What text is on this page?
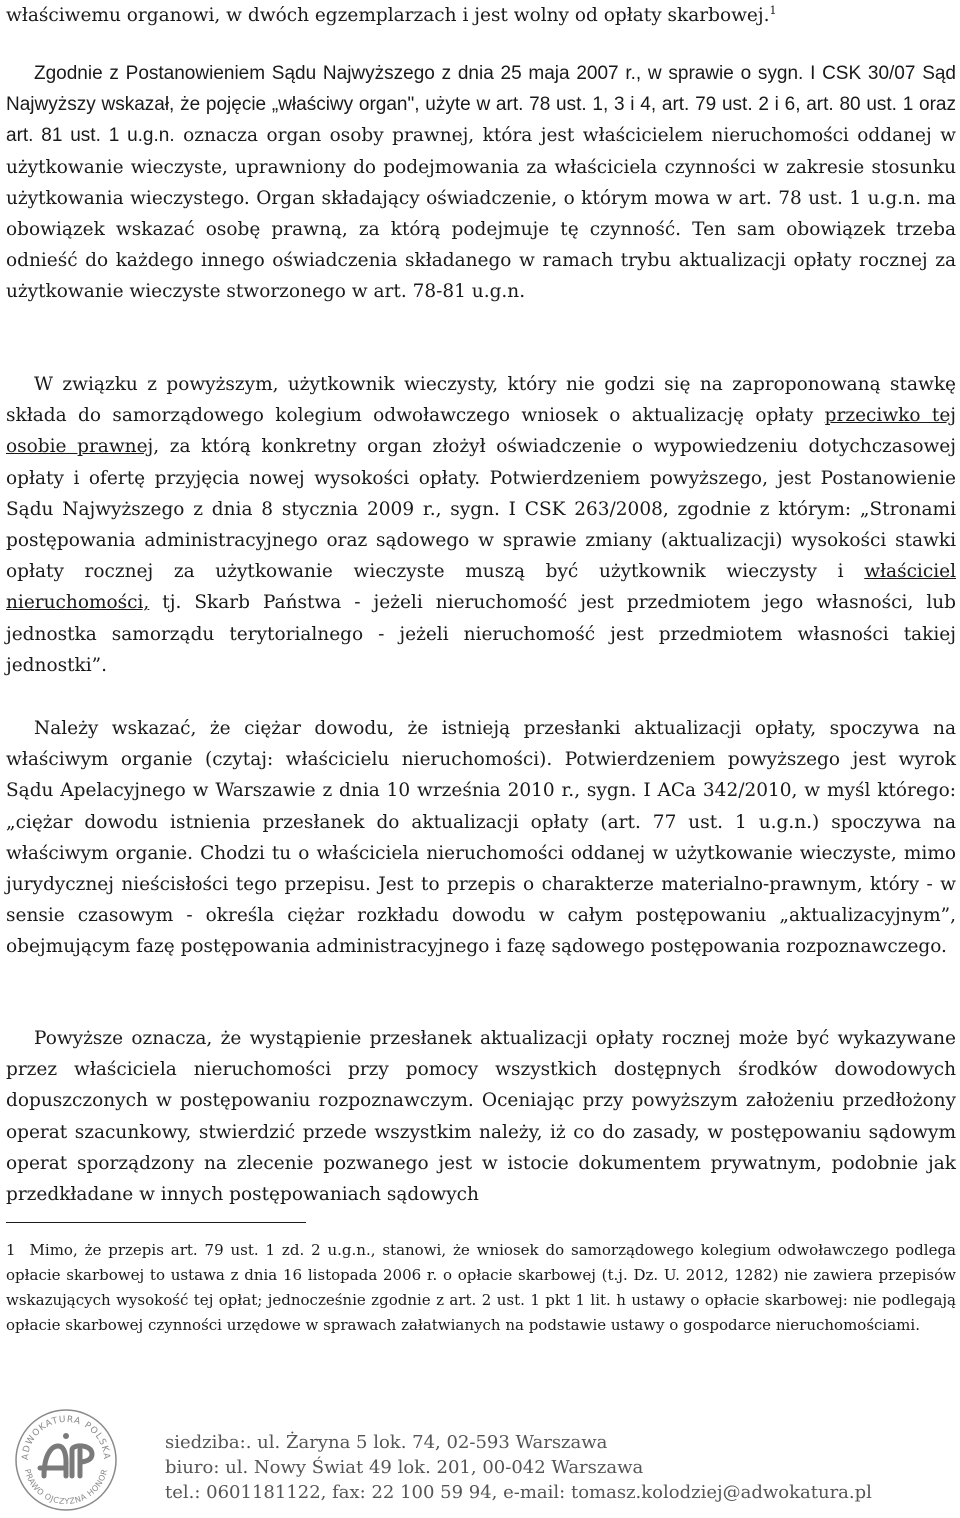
właściwemu organowi, w dwóch egzemplarzach i jest wolny od opłaty skarbowej.$^1$

Zgodnie z Postanowieniem Sądu Najwyższego z dnia 25 maja 2007 r., w sprawie o sygn. I CSK 30/07 Sąd Najwyższy wskazał, że pojęcie „właściwy organ", użyte w art. 78 ust. 1, 3 i 4, art. 79 ust. 2 i 6, art. 80 ust. 1 oraz art. 81 ust. 1 u.g.n. oznacza organ osoby prawnej, która jest właścicielem nieruchomości oddanej w użytkowanie wieczyste, uprawniony do podejmowania za właściciela czynności w zakresie stosunku użytkowania wieczystego. Organ składający oświadczenie, o którym mowa w art. 78 ust. 1 u.g.n. ma obowiązek wskazać osobę prawną, za którą podejmuje tę czynność. Ten sam obowiązek trzeba odnieść do każdego innego oświadczenia składanego w ramach trybu aktualizacji opłaty rocznej za użytkowanie wieczyste stworzonego w art. 78-81 u.g.n.

W związku z powyższym, użytkownik wieczysty, który nie godzi się na zaproponowaną stawkę składa do samorządowego kolegium odwoławczego wniosek o aktualizację opłaty przeciwko tej osobie prawnej, za którą konkretny organ złożył oświadczenie o wypowiedzeniu dotychczasowej opłaty i ofertę przyjęcia nowej wysokości opłaty. Potwierdzeniem powyższego, jest Postanowienie Sądu Najwyższego z dnia 8 stycznia 2009 r., sygn. I CSK 263/2008, zgodnie z którym: „Stronami postępowania administracyjnego oraz sądowego w sprawie zmiany (aktualizacji) wysokości stawki opłaty rocznej za użytkowanie wieczyste muszą być użytkownik wieczysty i właściciel nieruchomości, tj. Skarb Państwa - jeżeli nieruchomość jest przedmiotem jego własności, lub jednostka samorządu terytorialnego - jeżeli nieruchomość jest przedmiotem własności takiej jednostki”.

Należy wskazać, że ciężar dowodu, że istnieją przesłanki aktualizacji opłaty, spoczywa na właściwym organie (czytaj: właścicielu nieruchomości). Potwierdzeniem powyższego jest wyrok Sądu Apelacyjnego w Warszawie z dnia 10 września 2010 r., sygn. I ACa 342/2010, w myśl którego: „ciężar dowodu istnienia przesłanek do aktualizacji opłaty (art. 77 ust. 1 u.g.n.) spoczywa na właściwym organie. Chodzi tu o właściciela nieruchomości oddanej w użytkowanie wieczyste, mimo jurydycznej nieścisłości tego przepisu. Jest to przepis o charakterze materialno-prawnym, który - w sensie czasowym - określa ciężar rozkładu dowodu w całym postępowaniu „aktualizacyjnym”, obejmującym fazę postępowania administracyjnego i fazę sądowego postępowania rozpoznawczego.

Powyższe oznacza, że wystąpienie przesłanek aktualizacji opłaty rocznej może być wykazywane przez właściciela nieruchomości przy pomocy wszystkich dostępnych środków dowodowych dopuszczonych w postępowaniu rozpoznawczym. Oceniając przy powyższym założeniu przedłożony operat szacunkowy, stwierdzić przede wszystkim należy, iż co do zasady, w postępowaniu sądowym operat sporządzony na zlecenie pozwanego jest w istocie dokumentem prywatnym, podobnie jak przedkładane w innych postępowaniach sądowych

1 Mimo, że przepis art. 79 ust. 1 zd. 2 u.g.n., stanowi, że wniosek do samorządowego kolegium odwoławczego podlega opłacie skarbowej to ustawa z dnia 16 listopada 2006 r. o opłacie skarbowej (t.j. Dz. U. 2012, 1282) nie zawiera przepisów wskazujących wysokość tej opłat; jednocześnie zgodnie z art. 2 ust. 1 pkt 1 lit. h ustawy o opłacie skarbowej: nie podlegają opłacie skarbowej czynności urzędowe w sprawach załatwianych na podstawie ustawy o gospodarce nieruchomościami.
ADWOKATURA POLSKA
PRAWO OJCZYZNA HONOR
siedziba:. ul. Żaryna 5 lok. 74, 02-593 Warszawa
biuro: ul. Nowy Świat 49 lok. 201, 00-042 Warszawa
tel.: 0601181122, fax: 22 100 59 94, e-mail: tomasz.kolodziej@adwokatura.pl
